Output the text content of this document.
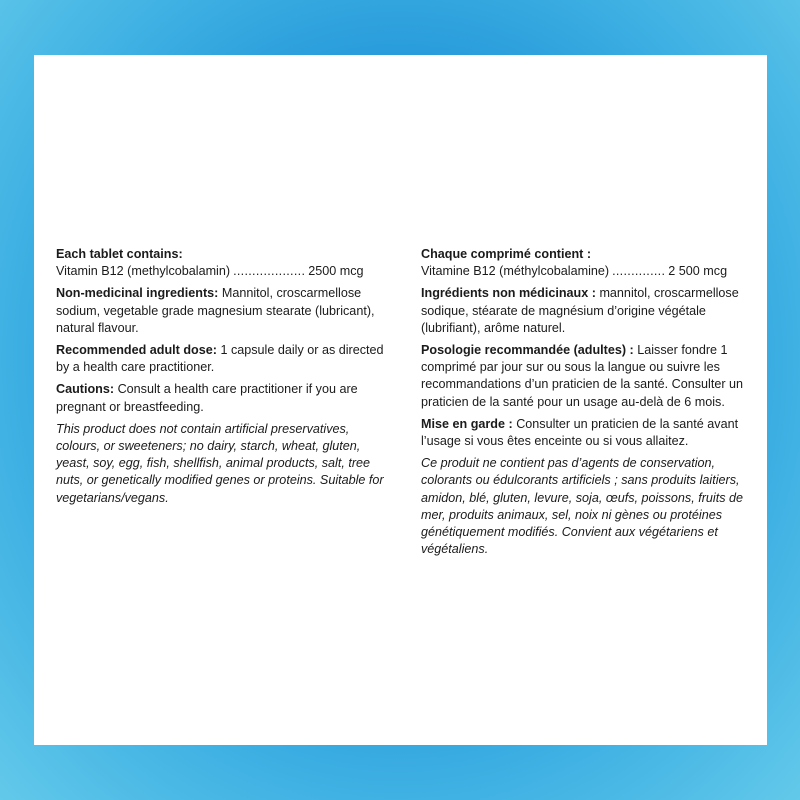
Each tablet contains:
Vitamin B12 (methylcobalamin) ................... 2500 mcg
Non-medicinal ingredients: Mannitol, croscarmellose sodium, vegetable grade magnesium stearate (lubricant), natural flavour.
Recommended adult dose: 1 capsule daily or as directed by a health care practitioner.
Cautions: Consult a health care practitioner if you are pregnant or breastfeeding.
This product does not contain artificial preservatives, colours, or sweeteners; no dairy, starch, wheat, gluten, yeast, soy, egg, fish, shellfish, animal products, salt, tree nuts, or genetically modified genes or proteins. Suitable for vegetarians/vegans.
Chaque comprimé contient :
Vitamine B12 (méthylcobalamine) .............. 2 500 mcg
Ingrédients non médicinaux : mannitol, croscarmellose sodique, stéarate de magnésium d’origine végétale (lubrifiant), arôme naturel.
Posologie recommandée (adultes) : Laisser fondre 1 comprimé par jour sur ou sous la langue ou suivre les recommandations d’un praticien de la santé. Consulter un praticien de la santé pour un usage au-delà de 6 mois.
Mise en garde : Consulter un praticien de la santé avant l’usage si vous êtes enceinte ou si vous allaitez.
Ce produit ne contient pas d’agents de conservation, colorants ou édulcorants artificiels ; sans produits laitiers, amidon, blé, gluten, levure, soja, œufs, poissons, fruits de mer, produits animaux, sel, noix ni gènes ou protéines génétiquement modifiés. Convient aux végétariens et végétaliens.
